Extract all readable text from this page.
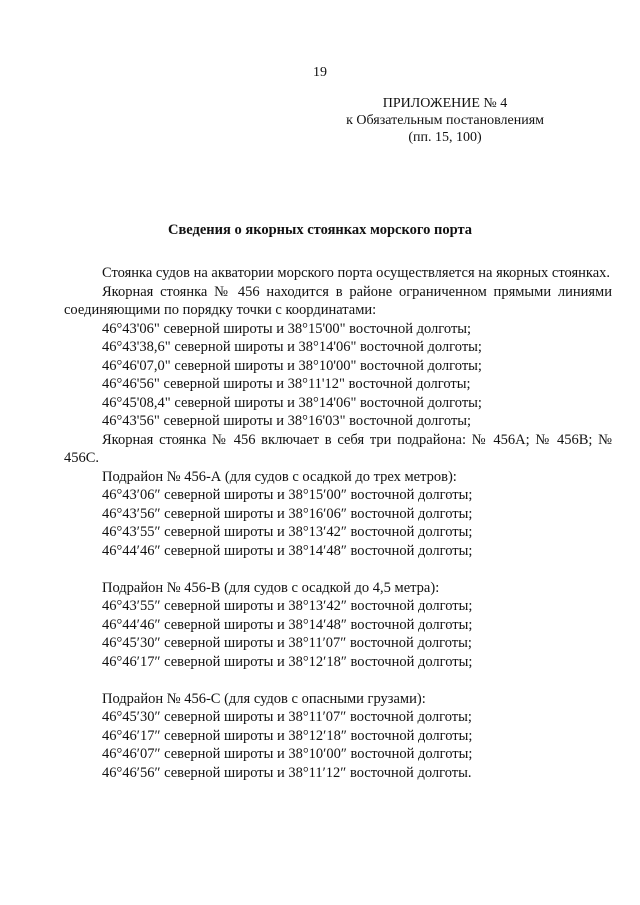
19
ПРИЛОЖЕНИЕ № 4
к Обязательным постановлениям
(пп. 15, 100)
Сведения о якорных стоянках морского порта

Стоянка судов на акватории морского порта осуществляется на якорных стоянках.

Якорная стоянка № 456 находится в районе ограниченном прямыми линиями соединяющими по порядку точки с координатами:

46°43'06" северной широты и 38°15'00" восточной долготы;

46°43'38,6" северной широты и 38°14'06" восточной долготы;

46°46'07,0" северной широты и 38°10'00" восточной долготы;

46°46'56" северной широты и 38°11'12" восточной долготы;

46°45'08,4" северной широты и 38°14'06" восточной долготы;

46°43'56" северной широты и 38°16'03" восточной долготы;

Якорная стоянка № 456 включает в себя три подрайона: № 456А; № 456В; № 456С.

Подрайон № 456-А (для судов с осадкой до трех метров):

46°43′06″ северной широты и 38°15′00″ восточной долготы;

46°43′56″ северной широты и 38°16′06″ восточной долготы;

46°43′55″ северной широты и 38°13′42″ восточной долготы;

46°44′46″ северной широты и 38°14′48″ восточной долготы;

Подрайон № 456-В (для судов с осадкой до 4,5 метра):

46°43′55″ северной широты и 38°13′42″ восточной долготы;

46°44′46″ северной широты и 38°14′48″ восточной долготы;

46°45′30″ северной широты и 38°11′07″ восточной долготы;

46°46′17″ северной широты и 38°12′18″ восточной долготы;

Подрайон № 456-С (для судов с опасными грузами):

46°45′30″ северной широты и 38°11′07″ восточной долготы;

46°46′17″ северной широты и 38°12′18″ восточной долготы;

46°46′07″ северной широты и 38°10′00″ восточной долготы;

46°46′56″ северной широты и 38°11′12″ восточной долготы.
